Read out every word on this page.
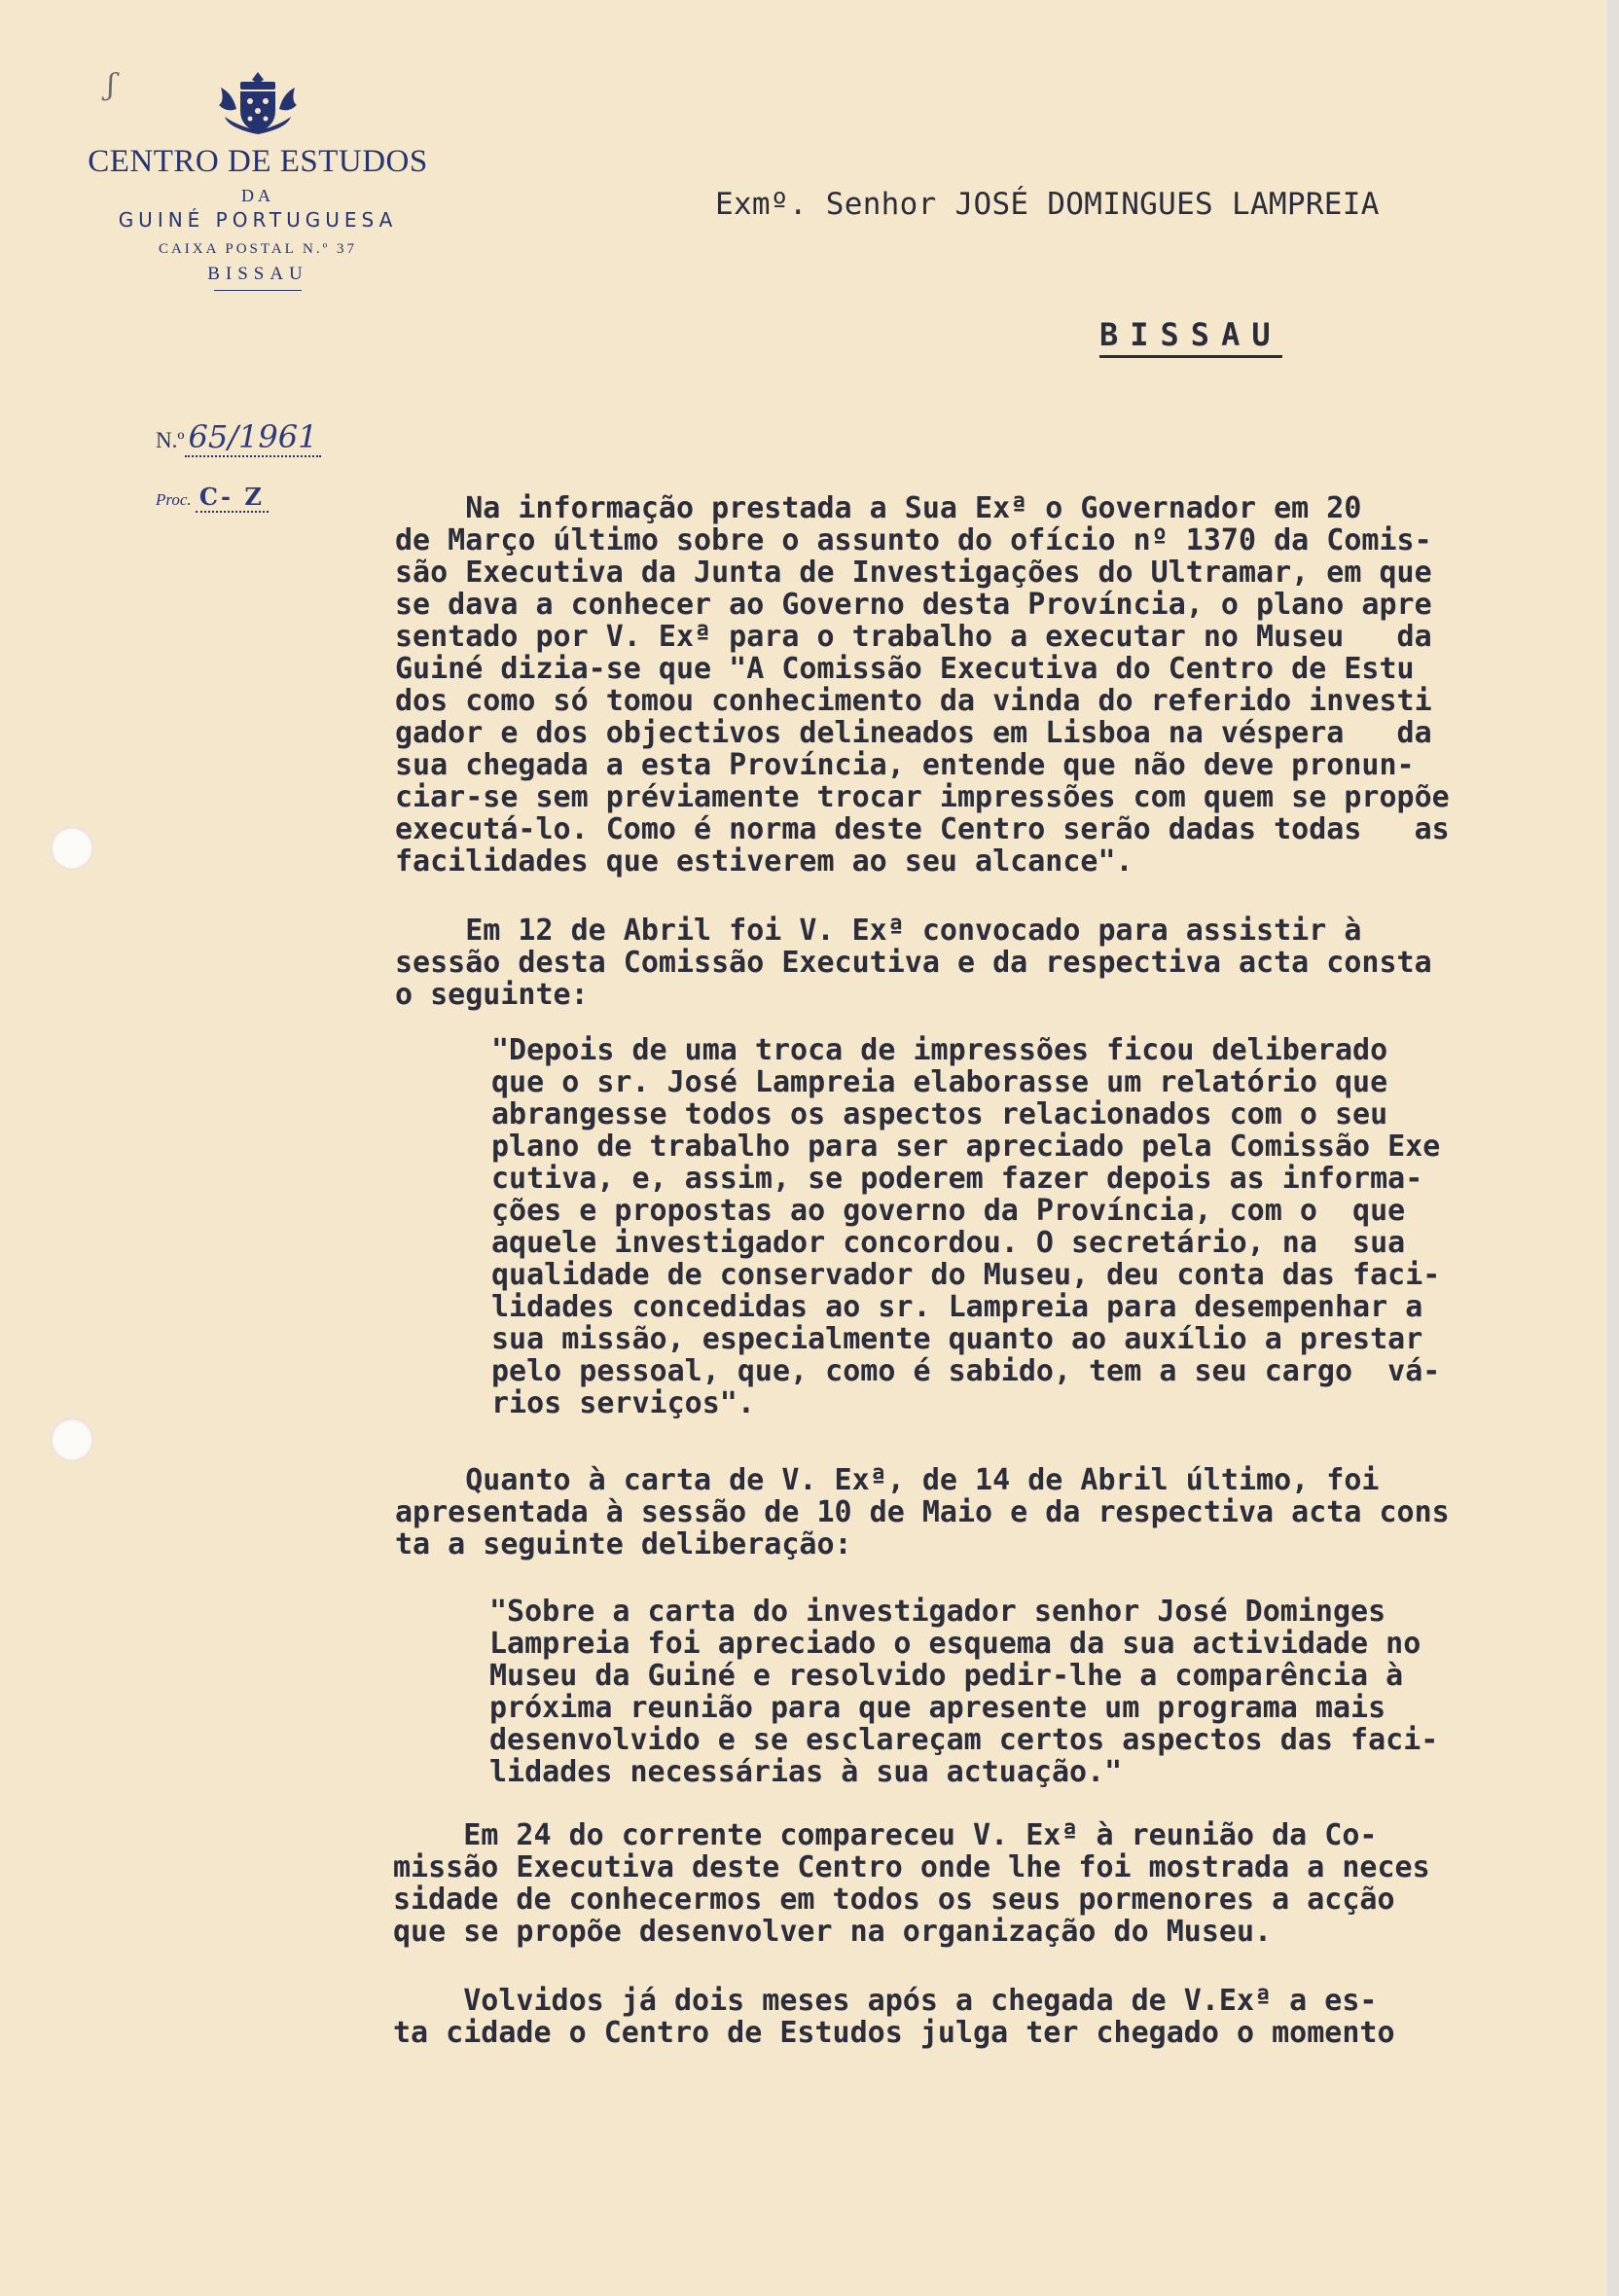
ʃ
CENTRO DE ESTUDOS
DA
GUINÉ PORTUGUESA
CAIXA POSTAL N.º 37
BISSAU
N.º 65/1961
Proc. C- Z
Exmº. Senhor JOSÉ DOMINGUES LAMPREIA
BISSAU
Na informação prestada a Sua Exª o Governador em 20
de Março último sobre o assunto do ofício nº 1370 da Comis-
são Executiva da Junta de Investigações do Ultramar, em que
se dava a conhecer ao Governo desta Província, o plano apre
sentado por V. Exª para o trabalho a executar no Museu   da
Guiné dizia-se que "A Comissão Executiva do Centro de Estu
dos como só tomou conhecimento da vinda do referido investi
gador e dos objectivos delineados em Lisboa na véspera   da
sua chegada a esta Província, entende que não deve pronun-
ciar-se sem préviamente trocar impressões com quem se propõe
executá-lo. Como é norma deste Centro serão dadas todas   as
facilidades que estiverem ao seu alcance".
Em 12 de Abril foi V. Exª convocado para assistir à
sessão desta Comissão Executiva e da respectiva acta consta
o seguinte:
"Depois de uma troca de impressões ficou deliberado
que o sr. José Lampreia elaborasse um relatório que
abrangesse todos os aspectos relacionados com o seu
plano de trabalho para ser apreciado pela Comissão Exe
cutiva, e, assim, se poderem fazer depois as informa-
ções e propostas ao governo da Província, com o  que
aquele investigador concordou. O secretário, na  sua
qualidade de conservador do Museu, deu conta das faci-
lidades concedidas ao sr. Lampreia para desempenhar a
sua missão, especialmente quanto ao auxílio a prestar
pelo pessoal, que, como é sabido, tem a seu cargo  vá-
rios serviços".
Quanto à carta de V. Exª, de 14 de Abril último, foi
apresentada à sessão de 10 de Maio e da respectiva acta cons
ta a seguinte deliberação:
"Sobre a carta do investigador senhor José Dominges
Lampreia foi apreciado o esquema da sua actividade no
Museu da Guiné e resolvido pedir-lhe a comparência à
próxima reunião para que apresente um programa mais
desenvolvido e se esclareçam certos aspectos das faci-
lidades necessárias à sua actuação."
Em 24 do corrente compareceu V. Exª à reunião da Co-
missão Executiva deste Centro onde lhe foi mostrada a neces
sidade de conhecermos em todos os seus pormenores a acção
que se propõe desenvolver na organização do Museu.
Volvidos já dois meses após a chegada de V.Exª a es-
ta cidade o Centro de Estudos julga ter chegado o momento
